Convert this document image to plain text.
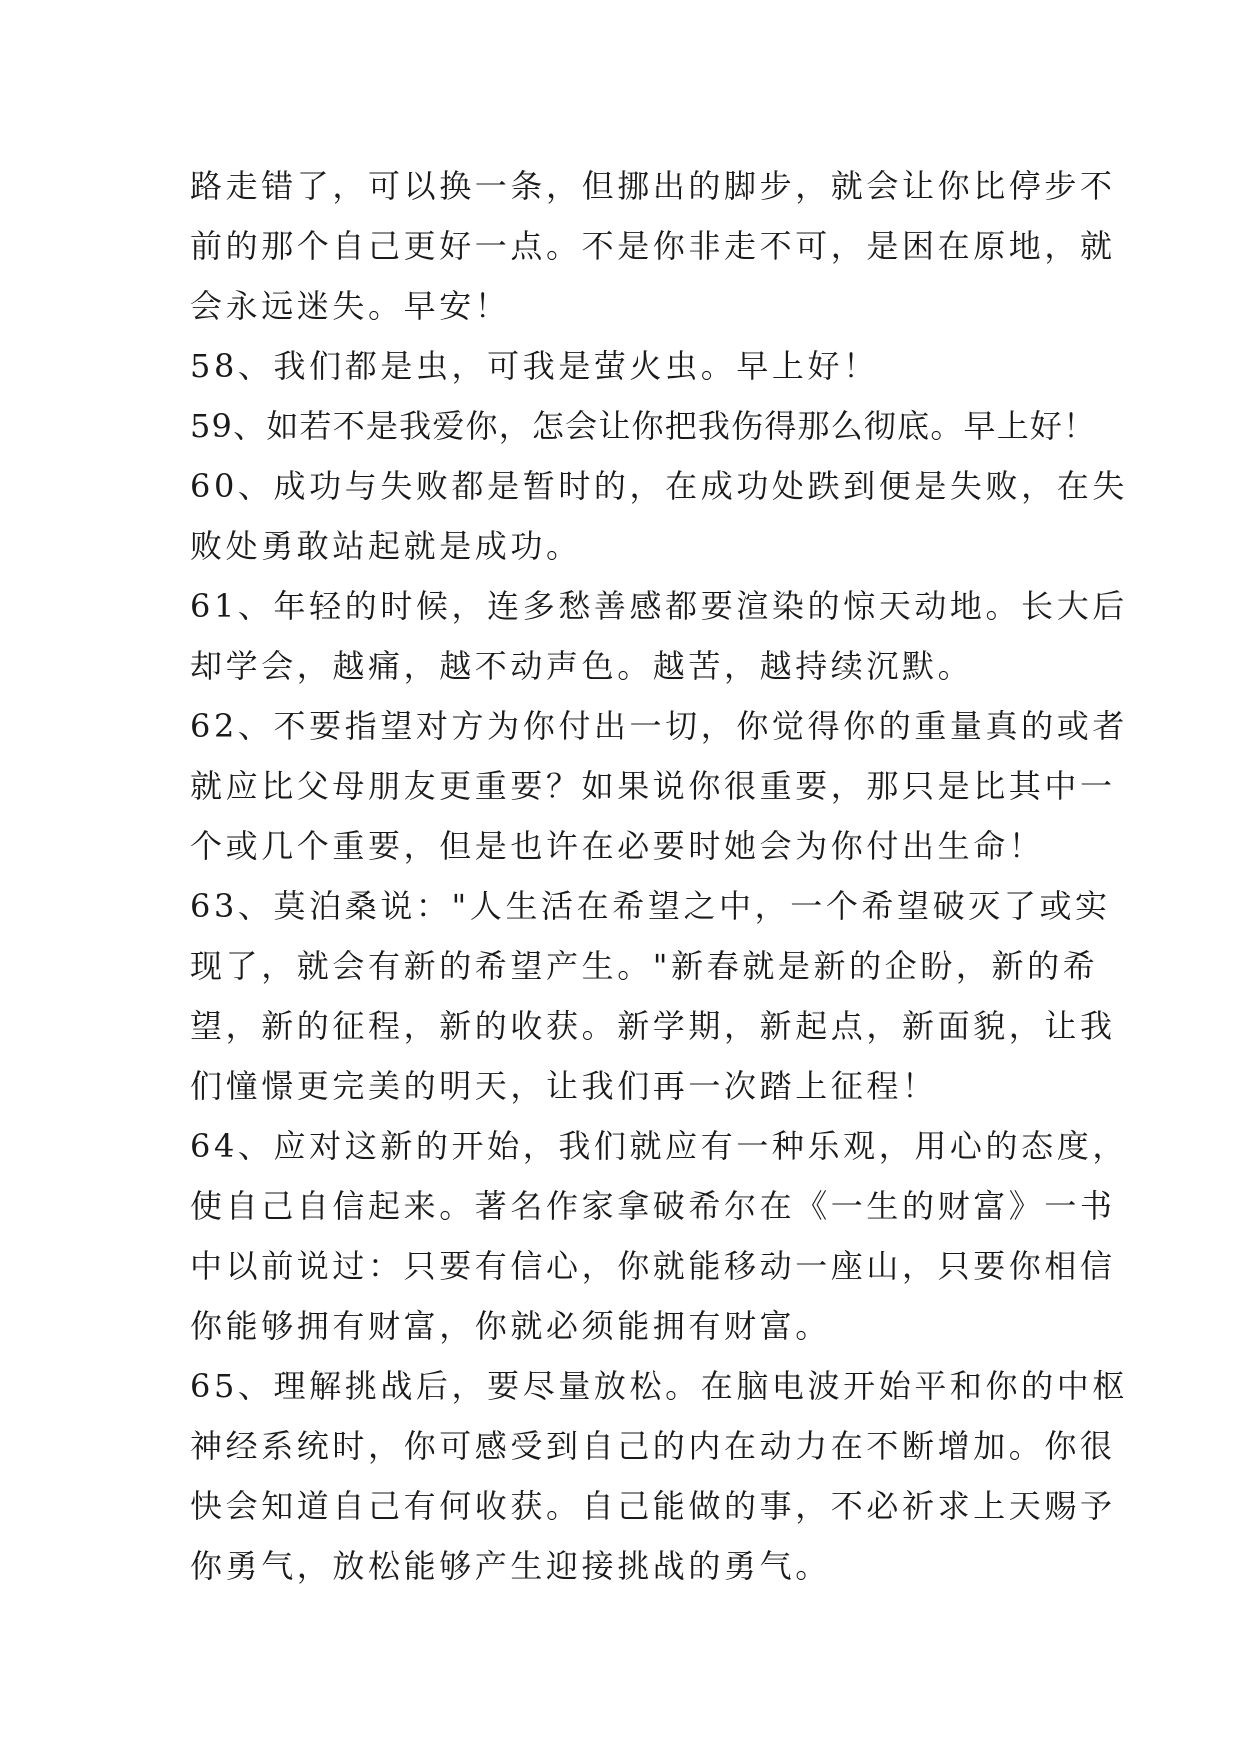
路走错了，可以换一条，但挪出的脚步，就会让你比停步不
前的那个自己更好一点。不是你非走不可，是困在原地，就
会永远迷失。早安！
58、我们都是虫，可我是萤火虫。早上好！
59、如若不是我爱你，怎会让你把我伤得那么彻底。早上好！
60、成功与失败都是暂时的，在成功处跌到便是失败，在失
败处勇敢站起就是成功。
61、年轻的时候，连多愁善感都要渲染的惊天动地。长大后
却学会，越痛，越不动声色。越苦，越持续沉默。
62、不要指望对方为你付出一切，你觉得你的重量真的或者
就应比父母朋友更重要？如果说你很重要，那只是比其中一
个或几个重要，但是也许在必要时她会为你付出生命！
63、莫泊桑说："人生活在希望之中，一个希望破灭了或实
现了，就会有新的希望产生。"新春就是新的企盼，新的希
望，新的征程，新的收获。新学期，新起点，新面貌，让我
们憧憬更完美的明天，让我们再一次踏上征程！
64、应对这新的开始，我们就应有一种乐观，用心的态度，
使自己自信起来。著名作家拿破希尔在《一生的财富》一书
中以前说过：只要有信心，你就能移动一座山，只要你相信
你能够拥有财富，你就必须能拥有财富。
65、理解挑战后，要尽量放松。在脑电波开始平和你的中枢
神经系统时，你可感受到自己的内在动力在不断增加。你很
快会知道自己有何收获。自己能做的事，不必祈求上天赐予
你勇气，放松能够产生迎接挑战的勇气。
